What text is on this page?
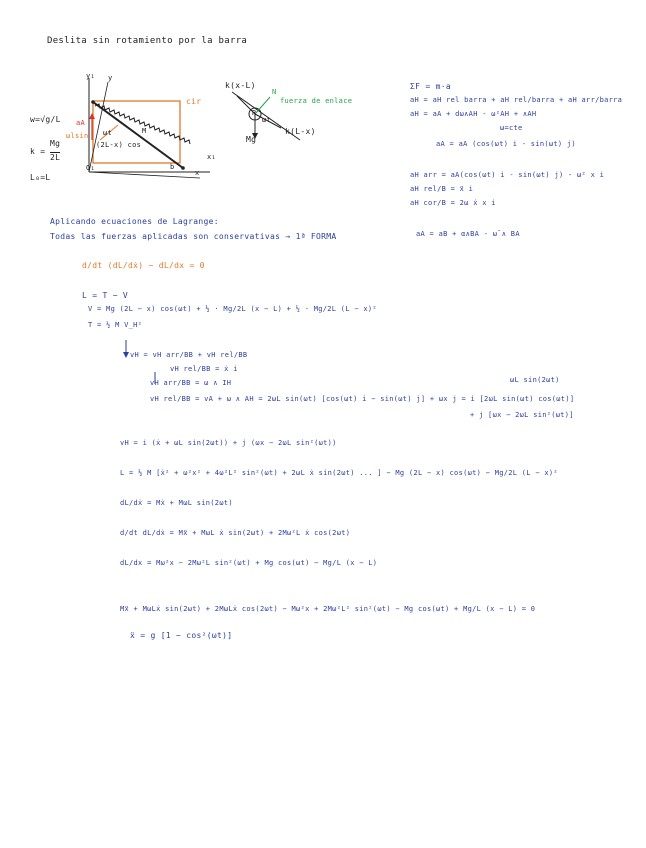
Deslita sin rotamiento por la barra
y₁ y
x₁
x
O₁	b
cir
aA
ωt
ωlsin
(2L-x) cos
M
w=√g/L
k =
Mg
2L
L₀=L
k(x-L)
N
fuerza de enlace
k(L-x)
Mg
R
ωt
ΣF = m·a
aH = aH rel barra + aH rel/barra + aH arr/barra
aH = aA + dω∧AH - ω²AH + ∧AH
ω=cte
aA = aA (cos(ωt) i - sin(ωt) j)
aH arr = aA(cos(ωt) i - sin(ωt) j) - ω² x i
aH rel/B = ẍ i
aH cor/B = 2ω ẋ x i
aA = aB + α∧BA - ω̄ ∧ BA
Aplicando ecuaciones de Lagrange:
Todas las fuerzas aplicadas son conservativas → 1ª FORMA
d/dt (dL/dẋ) − dL/dx = 0
L = T − V
V = Mg (2L − x) cos(ωt) + ½ · Mg/2L (x − L) + ½ · Mg/2L (L − x)²
T = ½ M V_H²
vH = vH arr/BB + vH rel/BB
vH rel/BB = ẋ i
vH arr/BB = ω ∧ IH	ωL sin(2ωt)
vH rel/BB = vA + ω ∧ AH = 2ωL sin(ωt) [cos(ωt) i − sin(ωt) j] + ωx j = i [2ωL sin(ωt) cos(ωt)]
+ j [ωx − 2ωL sin²(ωt)]
vH = i (ẋ + ωL sin(2ωt)) + j (ωx − 2ωL sin²(ωt))
L = ½ M [ẋ² + ω²x² + 4ω²L² sin²(ωt) + 2ωL ẋ sin(2ωt) ... ] − Mg (2L − x) cos(ωt) − Mg/2L (L − x)²
dL/dẋ = Mẋ + MωL sin(2ωt)
d/dt dL/dẋ = Mẍ + MωL ẋ sin(2ωt) + 2Mω²L ẋ cos(2ωt)
dL/dx = Mω²x − 2Mω²L sin²(ωt) + Mg cos(ωt) − Mg/L (x − L)
Mẍ + MωLẋ sin(2ωt) + 2MωLẋ cos(2ωt) − Mω²x + 2Mω²L² sin²(ωt) − Mg cos(ωt) + Mg/L (x − L) = 0
ẍ = g [1 − cos²(ωt)]
